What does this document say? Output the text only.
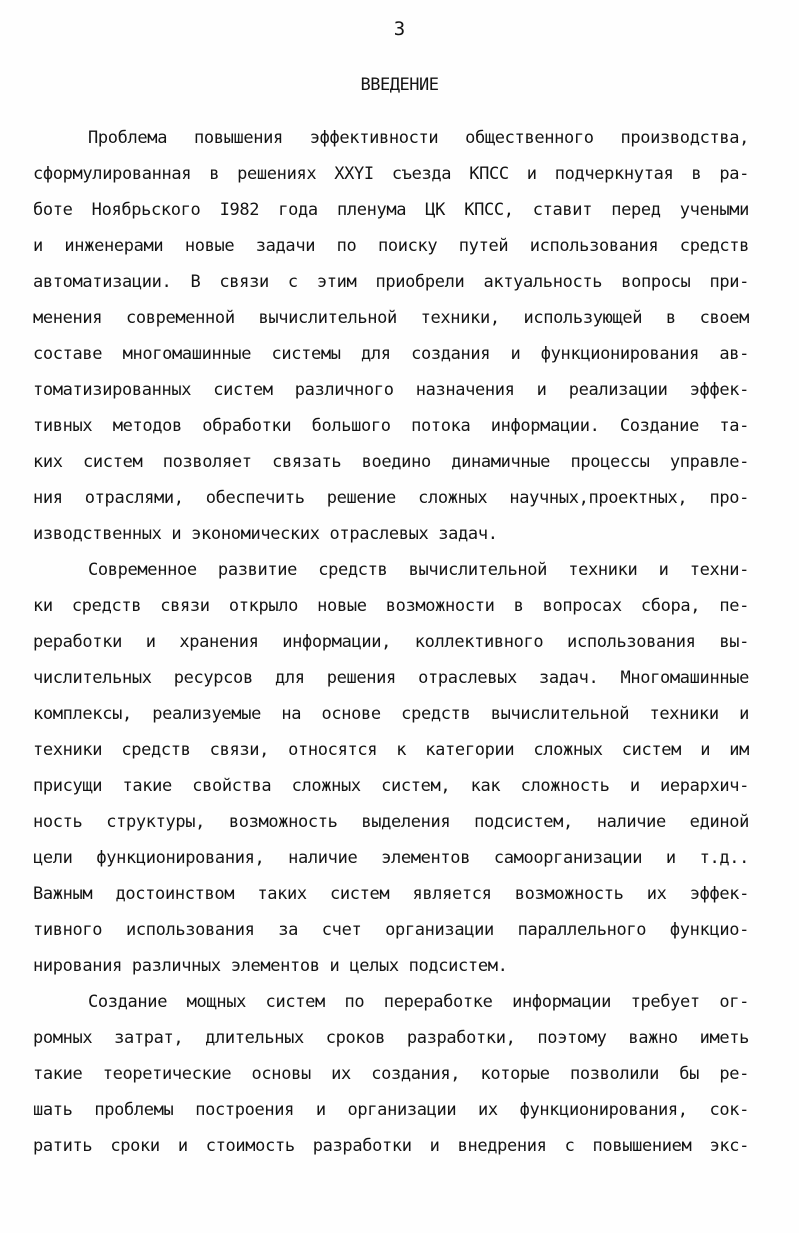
3
ВВЕДЕНИЕ
Проблема повышения эффективности общественного производства,
сформулированная в решениях XXYI съезда КПСС и подчеркнутая в ра-
боте Ноябрьского I982 года пленума ЦК КПСС, ставит перед учеными
и инженерами новые задачи по поиску путей использования средств
автоматизации. В связи с этим приобрели актуальность вопросы при-
менения современной вычислительной техники, использующей в своем
составе многомашинные системы для создания и функционирования ав-
томатизированных систем различного назначения и реализации эффек-
тивных методов обработки большого потока информации. Создание та-
ких систем позволяет связать воедино динамичные процессы управле-
ния отраслями, обеспечить решение сложных научных,проектных, про-
изводственных и экономических отраслевых задач.
Современное развитие средств вычислительной техники и техни-
ки средств связи открыло новые возможности в вопросах сбора, пе-
реработки и хранения информации, коллективного использования вы-
числительных ресурсов для решения отраслевых задач. Многомашинные
комплексы, реализуемые на основе средств вычислительной техники и
техники средств связи, относятся к категории сложных систем и им
присущи такие свойства сложных систем, как сложность и иерархич-
ность структуры, возможность выделения подсистем, наличие единой
цели функционирования, наличие элементов самоорганизации и т.д..
Важным достоинством таких систем является возможность их эффек-
тивного использования за счет организации параллельного функцио-
нирования различных элементов и целых подсистем.
Создание мощных систем по переработке информации требует ог-
ромных затрат, длительных сроков разработки, поэтому важно иметь
такие теоретические основы их создания, которые позволили бы ре-
шать проблемы построения и организации их функционирования, сок-
ратить сроки и стоимость разработки и внедрения с повышением экс-
